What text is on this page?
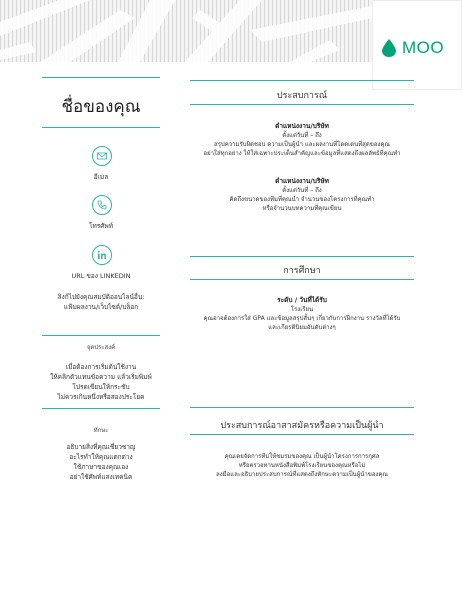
MOO
ชื่อของคุณ
อีเมล
โทรศัพท์
URL ของ LINKEDIN
ลิงก์ไปยังคุณสมบัติออนไลน์อื่น:
แฟ้มผลงาน/เว็บไซต์/บล็อก
จุดประสงค์
เมื่อต้องการเริ่มต้นใช้งาน
ให้คลิกตัวแทนข้อความ แล้วเริ่มพิมพ์
โปรดเขียนให้กระชับ
ไม่ควรเกินหนึ่งหรือสองประโยค
ทักษะ
อธิบายสิ่งที่คุณเชี่ยวชาญ
อะไรทำให้คุณแตกต่าง
ใช้ภาษาของคุณเอง
อย่าใช้ศัพท์แสงเทคนิค
ประสบการณ์
ตำแหน่งงาน/บริษัท
ตั้งแต่วันที่ – ถึง
สรุปความรับผิดชอบ ความเป็นผู้นำ และผลงานที่โดดเด่นที่สุดของคุณ
อย่าใส่ทุกอย่าง ให้ใส่เฉพาะประเด็นสำคัญและข้อมูลที่แสดงถึงผลลัพธ์ที่คุณทำ
ตำแหน่งงาน/บริษัท
ตั้งแต่วันที่ – ถึง
คิดถึงขนาดของทีมที่คุณนำ จำนวนของโครงการที่คุณทำ
หรือจำนวนบทความที่คุณเขียน
การศึกษา
ระดับ / วันที่ได้รับ
โรงเรียน
คุณอาจต้องการใส่ GPA และข้อมูลสรุปสั้นๆ เกี่ยวกับการฝึกงาน รางวัลที่ได้รับ
และเกียรตินิยมอันดับต่างๆ
ประสบการณ์อาสาสมัครหรือความเป็นผู้นำ
คุณเคยจัดการทีมให้ชมรมของคุณ เป็นผู้นำโครงการการกุศล
หรือตรวจทานหนังสือพิมพ์โรงเรียนของคุณหรือไม่
ลงมือและอธิบายประสบการณ์ที่แสดงถึงทักษะความเป็นผู้นำของคุณ
